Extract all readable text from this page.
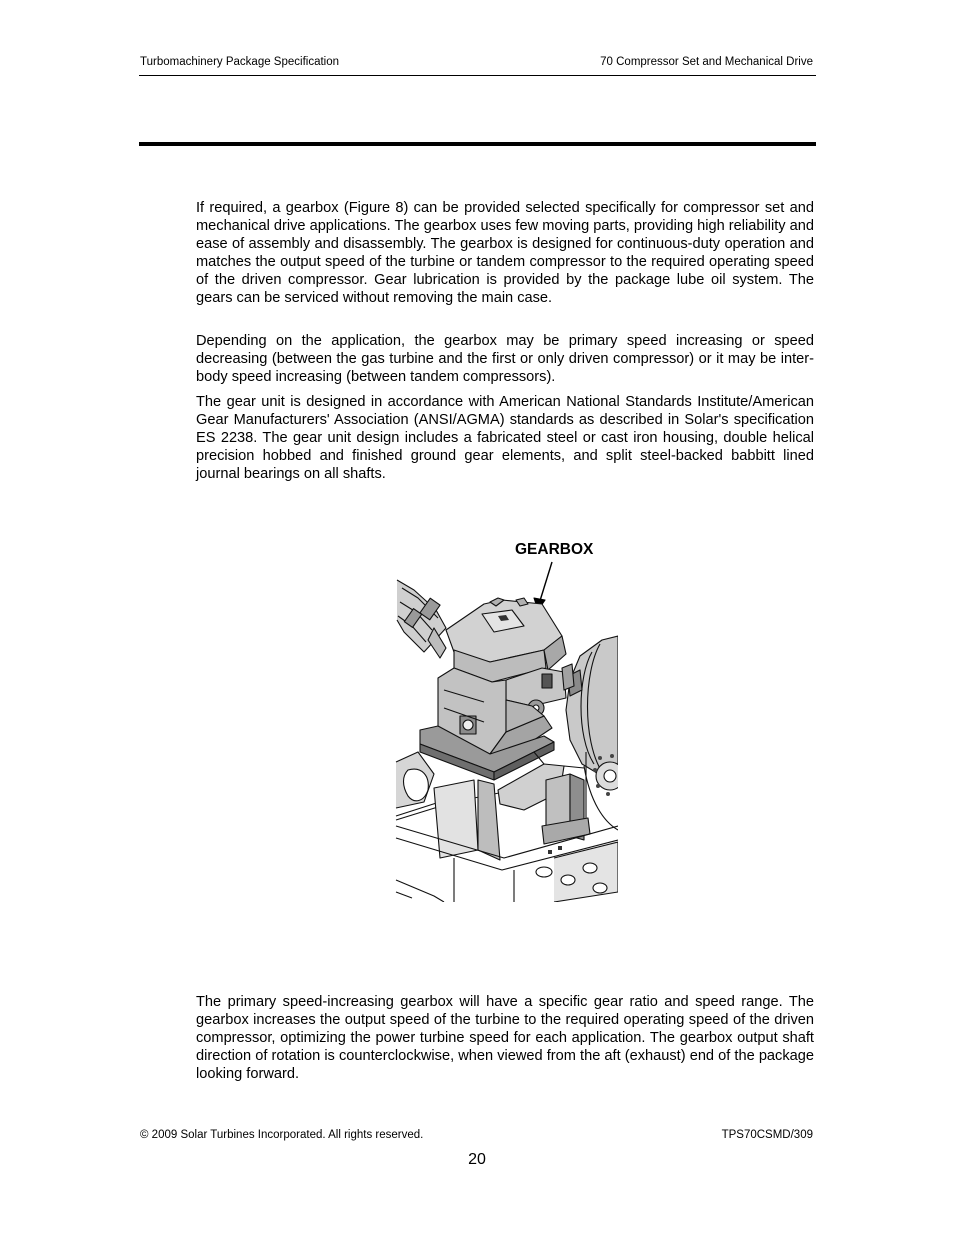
Turbomachinery Package Specification	70 Compressor Set and Mechanical Drive

If required, a gearbox (Figure 8) can be provided selected specifically for compressor set and mechanical drive applications. The gearbox uses few moving parts, providing high reliability and ease of assembly and disassembly. The gearbox is designed for continuous-duty operation and matches the output speed of the turbine or tandem compressor to the required operating speed of the driven compressor. Gear lubrication is provided by the package lube oil system. The gears can be serviced without removing the main case.

Depending on the application, the gearbox may be primary speed increasing or speed decreasing (between the gas turbine and the first or only driven compressor) or it may be inter-body speed increasing (between tandem compressors).

The gear unit is designed in accordance with American National Standards Institute/American Gear Manufacturers' Association (ANSI/AGMA) standards as described in Solar's specification ES 2238. The gear unit design includes a fabricated steel or cast iron housing, double helical precision hobbed and finished ground gear elements, and split steel-backed babbitt lined journal bearings on all shafts.

GEARBOX

The primary speed-increasing gearbox will have a specific gear ratio and speed range. The gearbox increases the output speed of the turbine to the required operating speed of the driven compressor, optimizing the power turbine speed for each application. The gearbox output shaft direction of rotation is counterclockwise, when viewed from the aft (exhaust) end of the package looking forward.

© 2009 Solar Turbines Incorporated. All rights reserved.	TPS70CSMD/309
20
